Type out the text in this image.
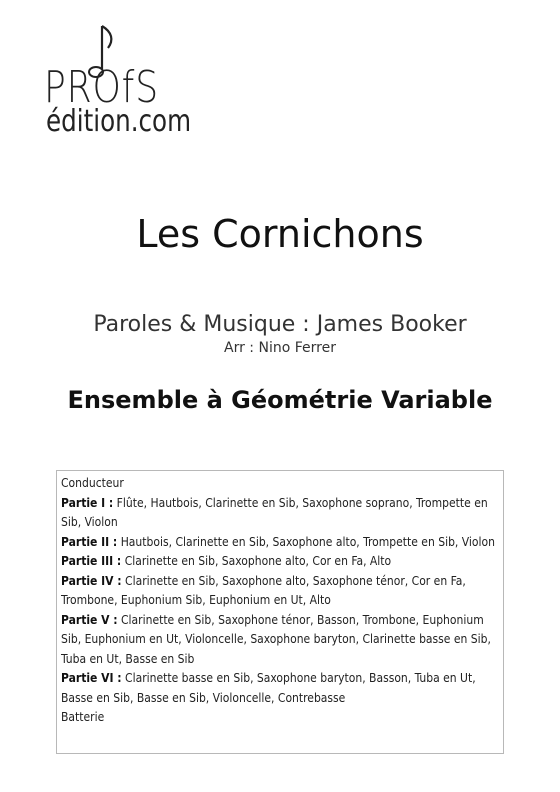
PROfS
édition.com
Les Cornichons
Paroles & Musique : James Booker
Arr : Nino Ferrer
Ensemble à Géométrie Variable

Conducteur

Partie I : Flûte, Hautbois, Clarinette en Sib, Saxophone soprano, Trompette en Sib, Violon

Partie II : Hautbois, Clarinette en Sib, Saxophone alto, Trompette en Sib, Violon

Partie III : Clarinette en Sib, Saxophone alto, Cor en Fa, Alto

Partie IV : Clarinette en Sib, Saxophone alto, Saxophone ténor, Cor en Fa, Trombone, Euphonium Sib, Euphonium en Ut, Alto

Partie V : Clarinette en Sib, Saxophone ténor, Basson, Trombone, Euphonium Sib, Euphonium en Ut, Violoncelle, Saxophone baryton, Clarinette basse en Sib, Tuba en Ut, Basse en Sib

Partie VI : Clarinette basse en Sib, Saxophone baryton, Basson, Tuba en Ut, Basse en Sib, Basse en Sib, Violoncelle, Contrebasse

Batterie
